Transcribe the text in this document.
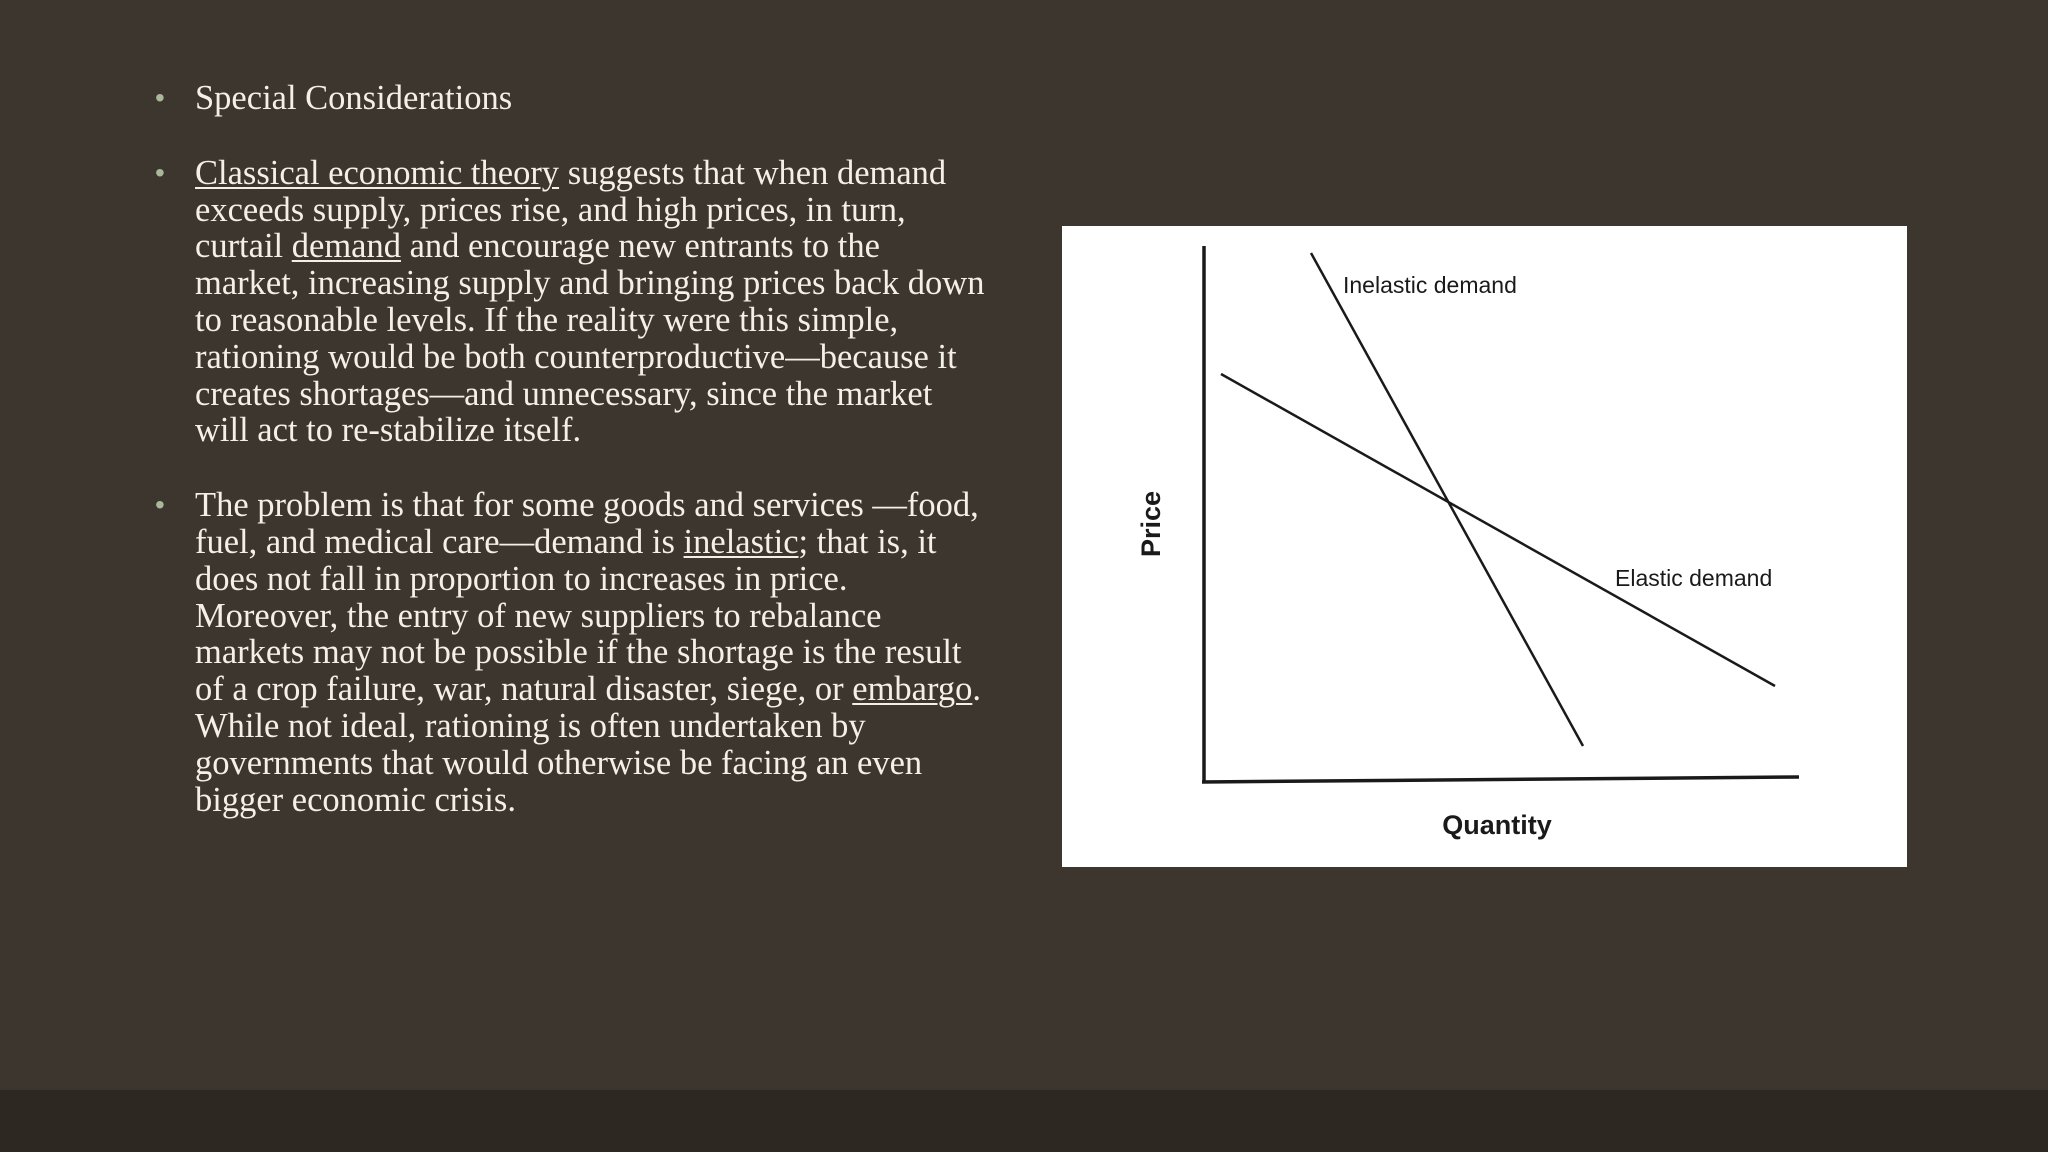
• Special Considerations
• Classical economic theory suggests that when demand exceeds supply, prices rise, and high prices, in turn, curtail demand and encourage new entrants to the market, increasing supply and bringing prices back down to reasonable levels. If the reality were this simple, rationing would be both counterproductive—because it creates shortages—and unnecessary, since the market will act to re-stabilize itself.
• The problem is that for some goods and services —food, fuel, and medical care—demand is inelastic; that is, it does not fall in proportion to increases in price. Moreover, the entry of new suppliers to rebalance markets may not be possible if the shortage is the result of a crop failure, war, natural disaster, siege, or embargo. While not ideal, rationing is often undertaken by governments that would otherwise be facing an even bigger economic crisis.
Inelastic demand
Elastic demand
Quantity
Price
